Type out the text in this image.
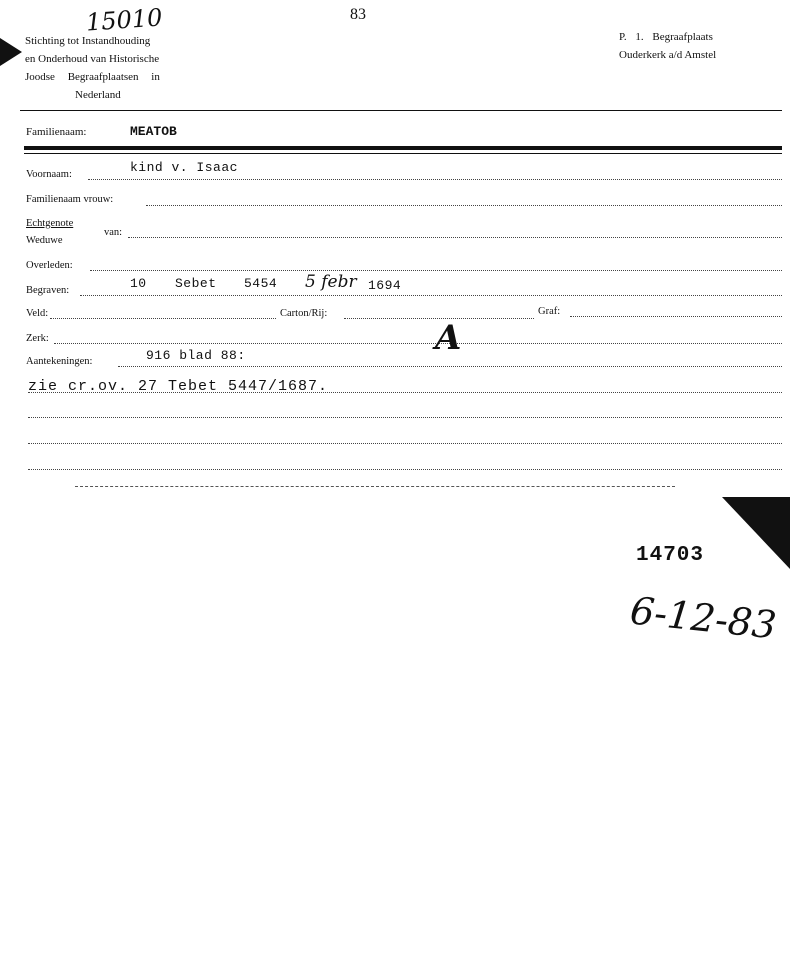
83
15010
Stichting tot Instandhouding
en Onderhoud van Historische
Joodse Begraafplaatsen in
Nederland
P. 1. Begraafplaats
Ouderkerk a/d Amstel
Familienaam:	MEATOB
Voornaam:	kind v. Isaac
Familienaam vrouw:
Echtgenote
Weduwe
van:
Overleden:
Begraven:	10 Sebet 5454 5 febr 1694
Veld:	Carton/Rij:	Graf:
Zerk:	A
Aantekeningen:	916 blad 88:
zie cr.ov. 27 Tebet 5447/1687.
14703
6-12-83
